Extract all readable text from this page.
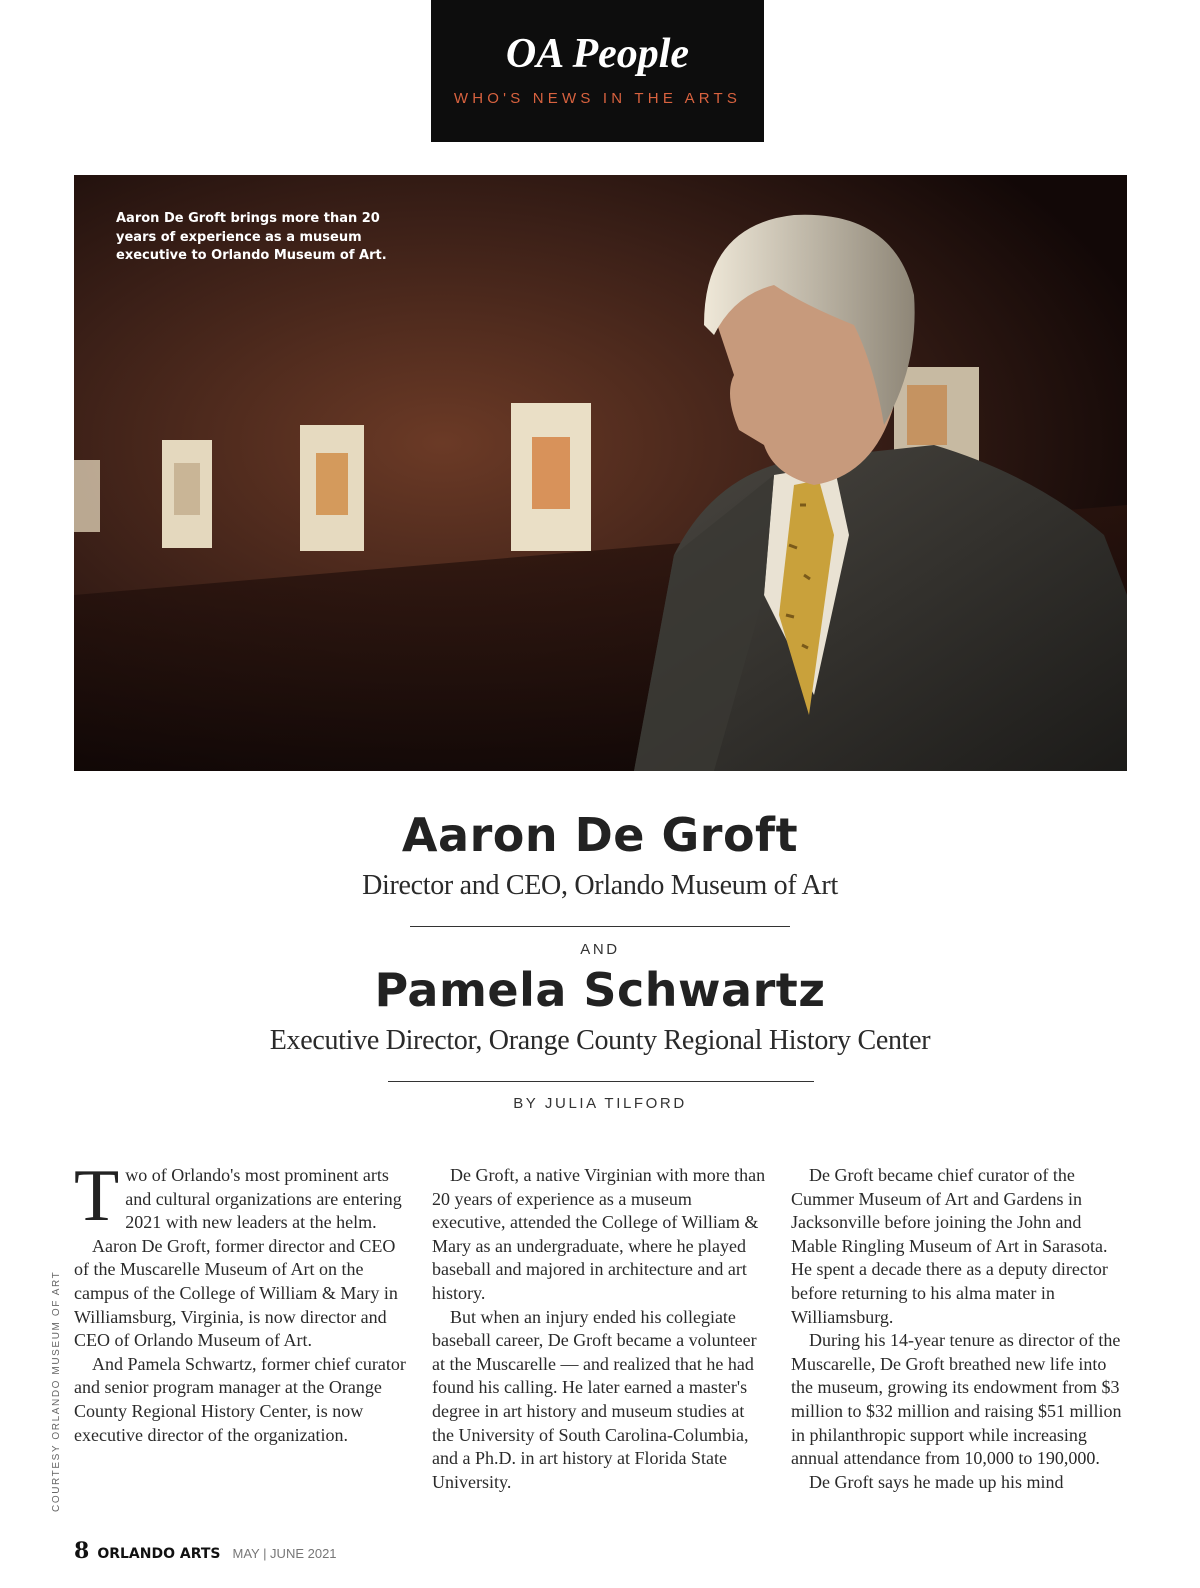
OA People
WHO'S NEWS IN THE ARTS
Aaron De Groft brings more than 20 years of experience as a museum executive to Orlando Museum of Art.
Aaron De Groft
Director and CEO, Orlando Museum of Art
AND
Pamela Schwartz
Executive Director, Orange County Regional History Center
BY JULIA TILFORD

Two of Orlando's most prominent arts and cultural organizations are entering 2021 with new leaders at the helm.

Aaron De Groft, former director and CEO of the Muscarelle Museum of Art on the campus of the College of William & Mary in Williamsburg, Virginia, is now director and CEO of Orlando Museum of Art.

And Pamela Schwartz, former chief curator and senior program manager at the Orange County Regional History Center, is now executive director of the organization.

De Groft, a native Virginian with more than 20 years of experience as a museum executive, attended the College of William & Mary as an undergraduate, where he played baseball and majored in architecture and art history.

But when an injury ended his collegiate baseball career, De Groft became a volunteer at the Muscarelle — and realized that he had found his calling. He later earned a master's degree in art history and museum studies at the University of South Carolina-Columbia, and a Ph.D. in art history at Florida State University.

De Groft became chief curator of the Cummer Museum of Art and Gardens in Jacksonville before joining the John and Mable Ringling Museum of Art in Sarasota. He spent a decade there as a deputy director before returning to his alma mater in Williamsburg.

During his 14-year tenure as director of the Muscarelle, De Groft breathed new life into the museum, growing its endowment from $3 million to $32 million and raising $51 million in philanthropic support while increasing annual attendance from 10,000 to 190,000.

De Groft says he made up his mind

COURTESY ORLANDO MUSEUM OF ART
8 ORLANDO ARTS MAY | JUNE 2021
